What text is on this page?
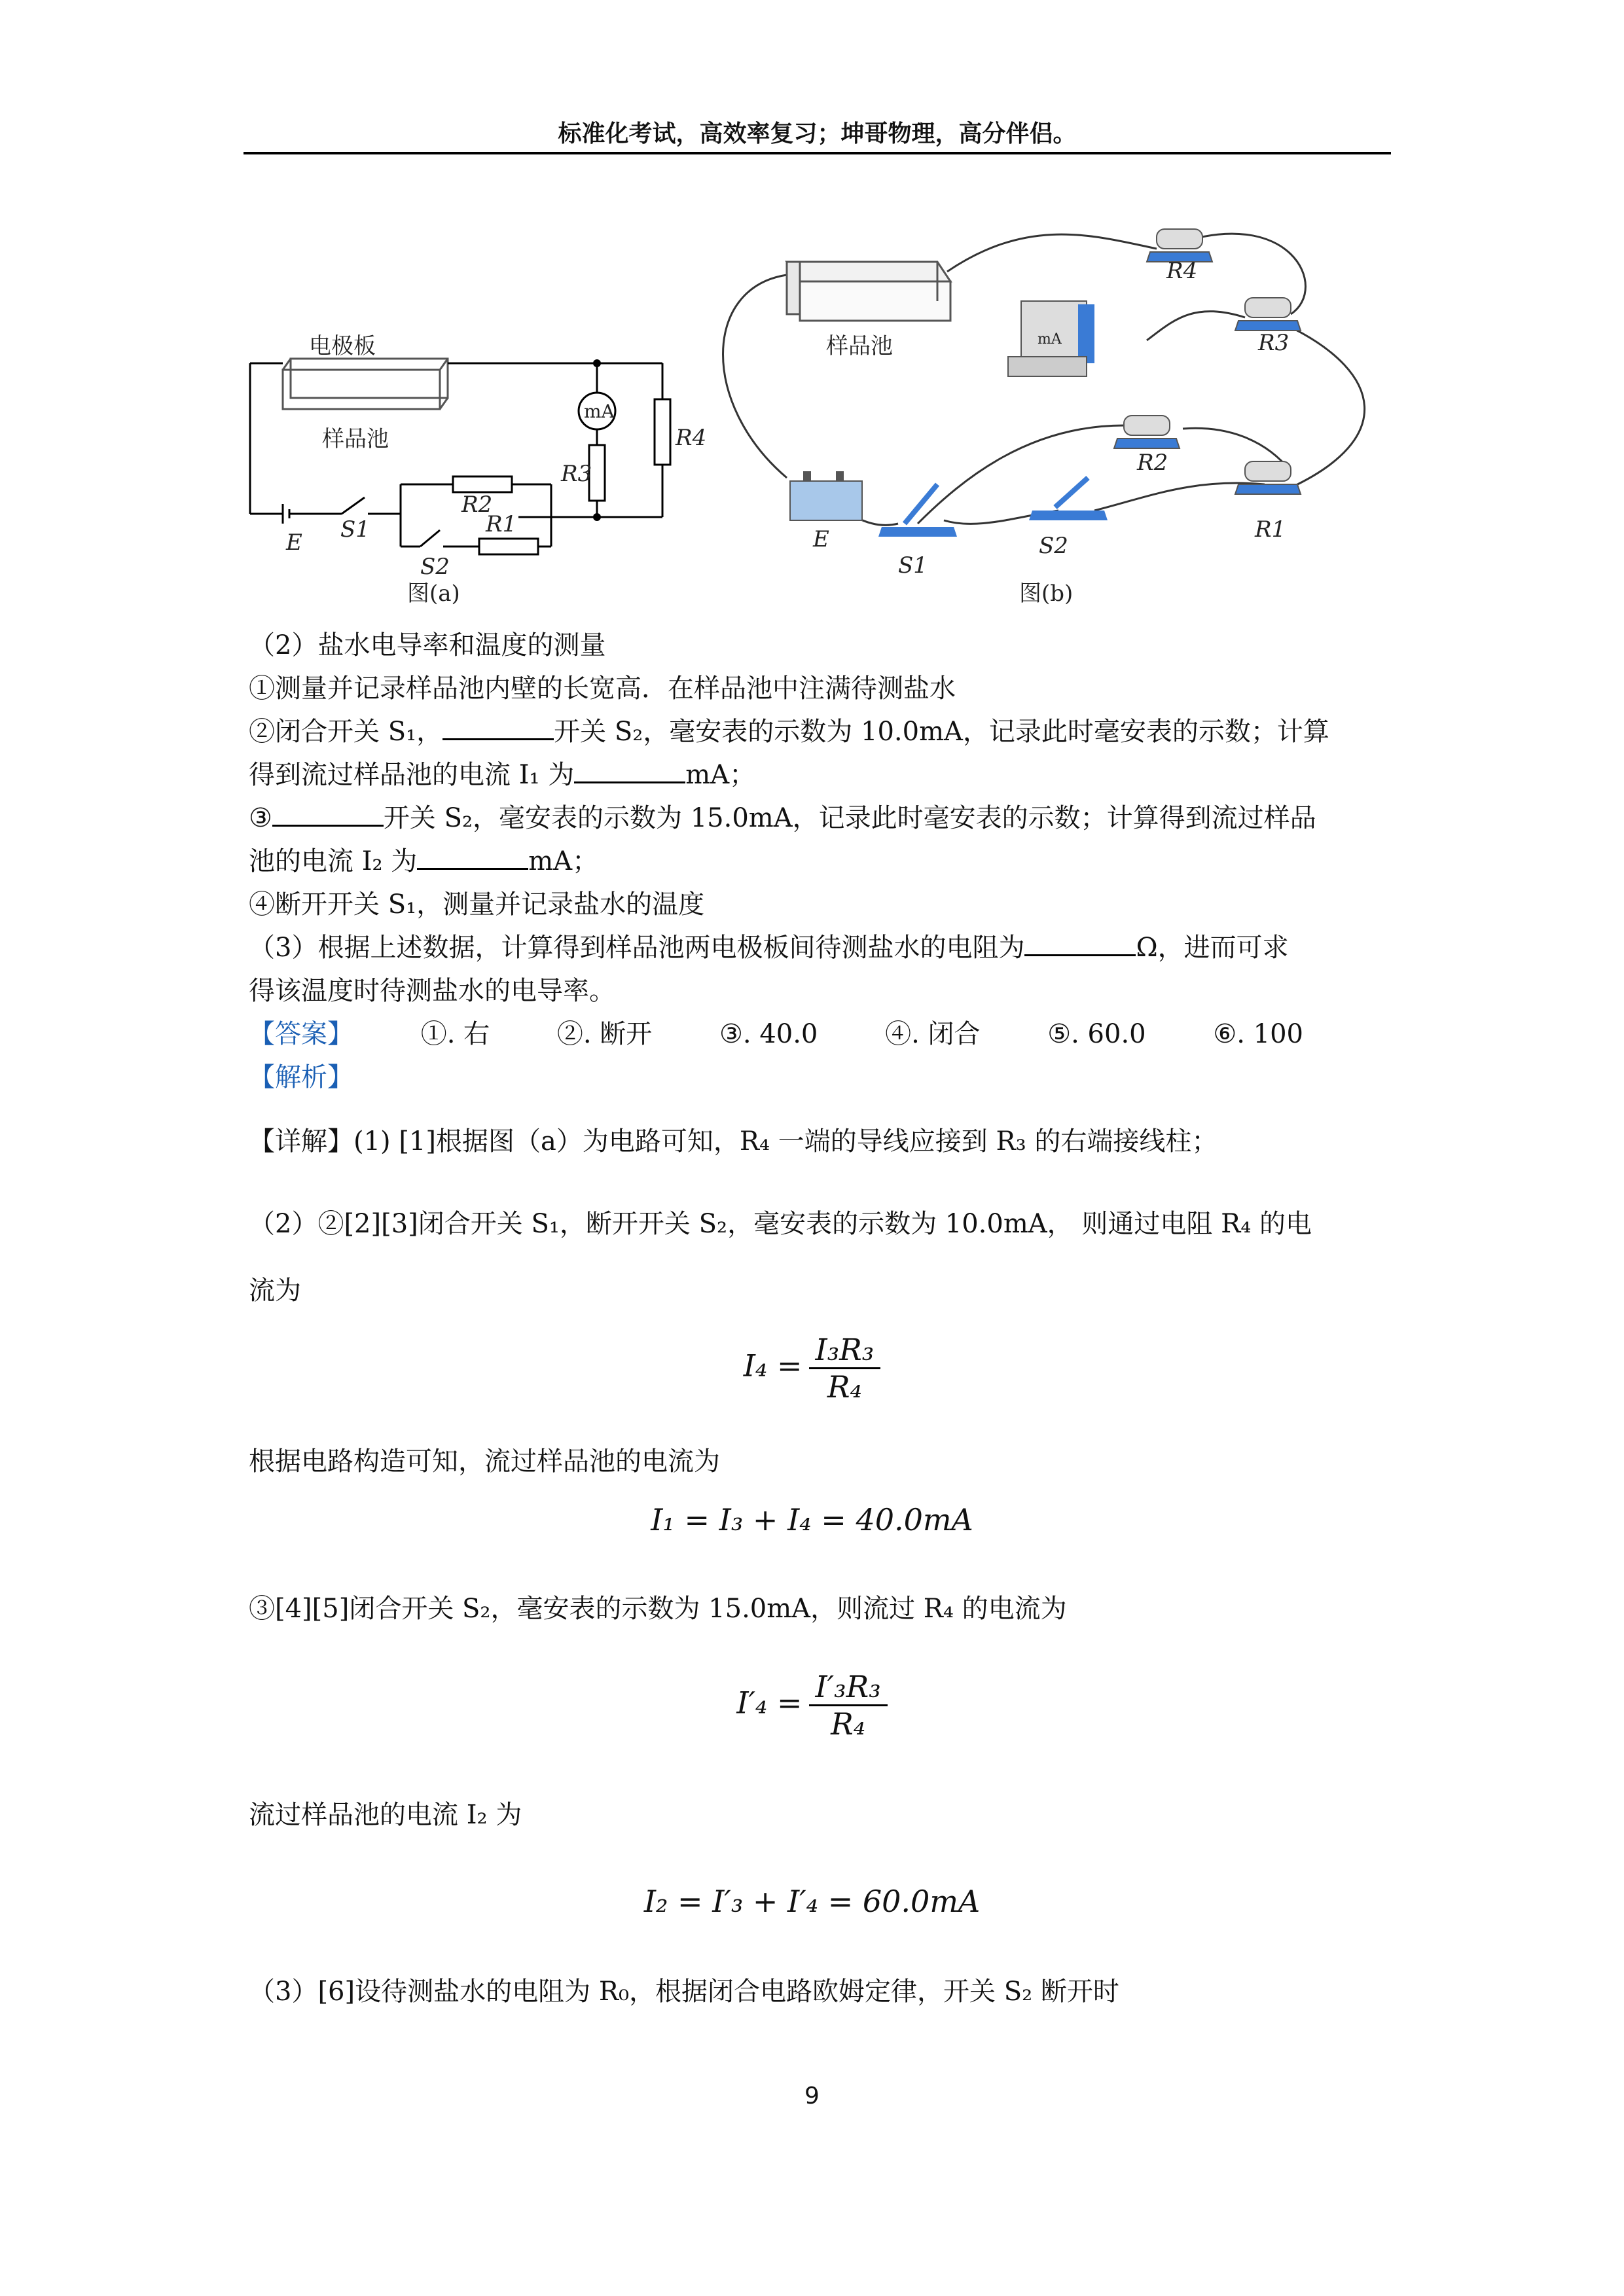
标准化考试，高效率复习；坤哥物理，高分伴侣。
电极板
样品池
mA
R4
R3
R2
R1
E S1
S2
图(a)
mA
样品池
R4
R3
R2
R1
E
S1
S2
图(b)
（2）盐水电导率和温度的测量
①测量并记录样品池内壁的长宽高．在样品池中注满待测盐水
②闭合开关 S₁，	开关 S₂，毫安表的示数为 10.0mA，记录此时毫安表的示数；计算
得到流过样品池的电流 I₁ 为	mA；
③	开关 S₂，毫安表的示数为 15.0mA，记录此时毫安表的示数；计算得到流过样品
池的电流 I₂ 为	mA；
④断开开关 S₁，测量并记录盐水的温度
（3）根据上述数据，计算得到样品池两电极板间待测盐水的电阻为	Ω，进而可求
得该温度时待测盐水的电导率。
【答案】	①. 右	②. 断开	③. 40.0	④. 闭合	⑤. 60.0	⑥. 100
【解析】
【详解】(1) [1]根据图（a）为电路可知，R₄ 一端的导线应接到 R₃ 的右端接线柱；
（2）②[2][3]闭合开关 S₁，断开开关 S₂，毫安表的示数为 10.0mA， 则通过电阻 R₄ 的电
流为
$I_4 = \frac{\text{I₃R₃}}{\text{R₄}}$
根据电路构造可知，流过样品池的电流为
I₁ = I₃ + I₄ = 40.0mA
③[4][5]闭合开关 S₂，毫安表的示数为 15.0mA，则流过 R₄ 的电流为
$I'_4 = \frac{\text{I′₃R₃}}{\text{R₄}}$
流过样品池的电流 I₂ 为
I₂ = I′₃ + I′₄ = 60.0mA
（3）[6]设待测盐水的电阻为 R₀，根据闭合电路欧姆定律，开关 S₂ 断开时
9
